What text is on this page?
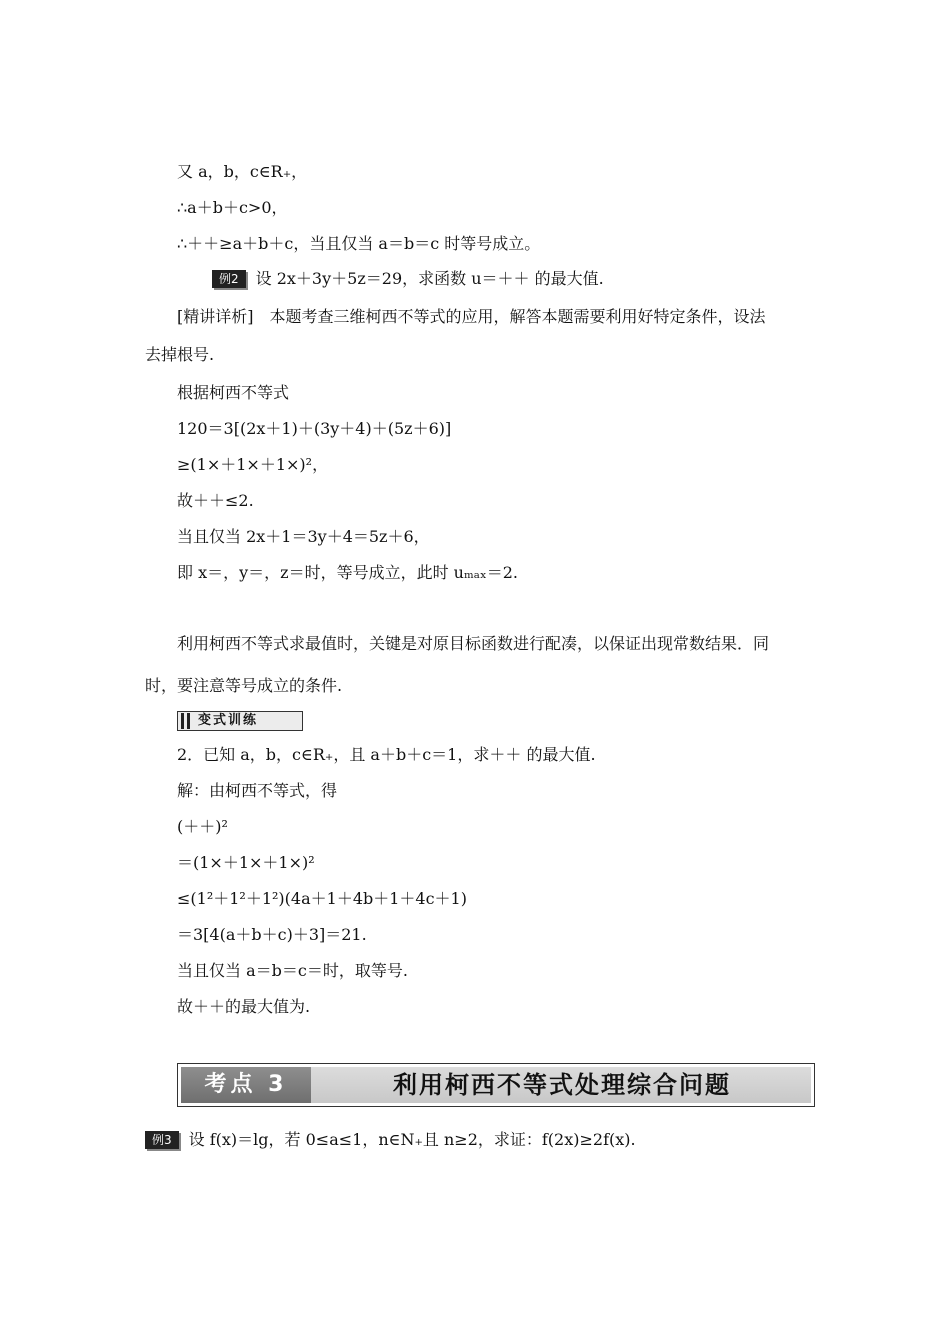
又 a，b，c∈R₊，
∴a＋b＋c>0，
∴＋＋≥a＋b＋c，当且仅当 a＝b＝c 时等号成立。
例2 设 2x＋3y＋5z＝29，求函数 u＝＋＋ 的最大值.
[精讲详析]　本题考查三维柯西不等式的应用，解答本题需要利用好特定条件，设法
去掉根号.
根据柯西不等式
120＝3[(2x＋1)＋(3y＋4)＋(5z＋6)]
≥(1×＋1×＋1×)²，
故＋＋≤2.
当且仅当 2x＋1＝3y＋4＝5z＋6，
即 x＝，y＝，z＝时，等号成立，此时 uₘₐₓ＝2.
利用柯西不等式求最值时，关键是对原目标函数进行配凑，以保证出现常数结果．同
时，要注意等号成立的条件.
变式训练
2．已知 a，b，c∈R₊，且 a＋b＋c＝1，求＋＋ 的最大值.
解：由柯西不等式，得
(＋＋)²
＝(1×＋1×＋1×)²
≤(1²＋1²＋1²)(4a＋1＋4b＋1＋4c＋1)
＝3[4(a＋b＋c)＋3]＝21.
当且仅当 a＝b＝c＝时，取等号.
故＋＋的最大值为.
考点 3	利用柯西不等式处理综合问题
例3 设 f(x)＝lg，若 0≤a≤1，n∈N₊且 n≥2，求证：f(2x)≥2f(x).
